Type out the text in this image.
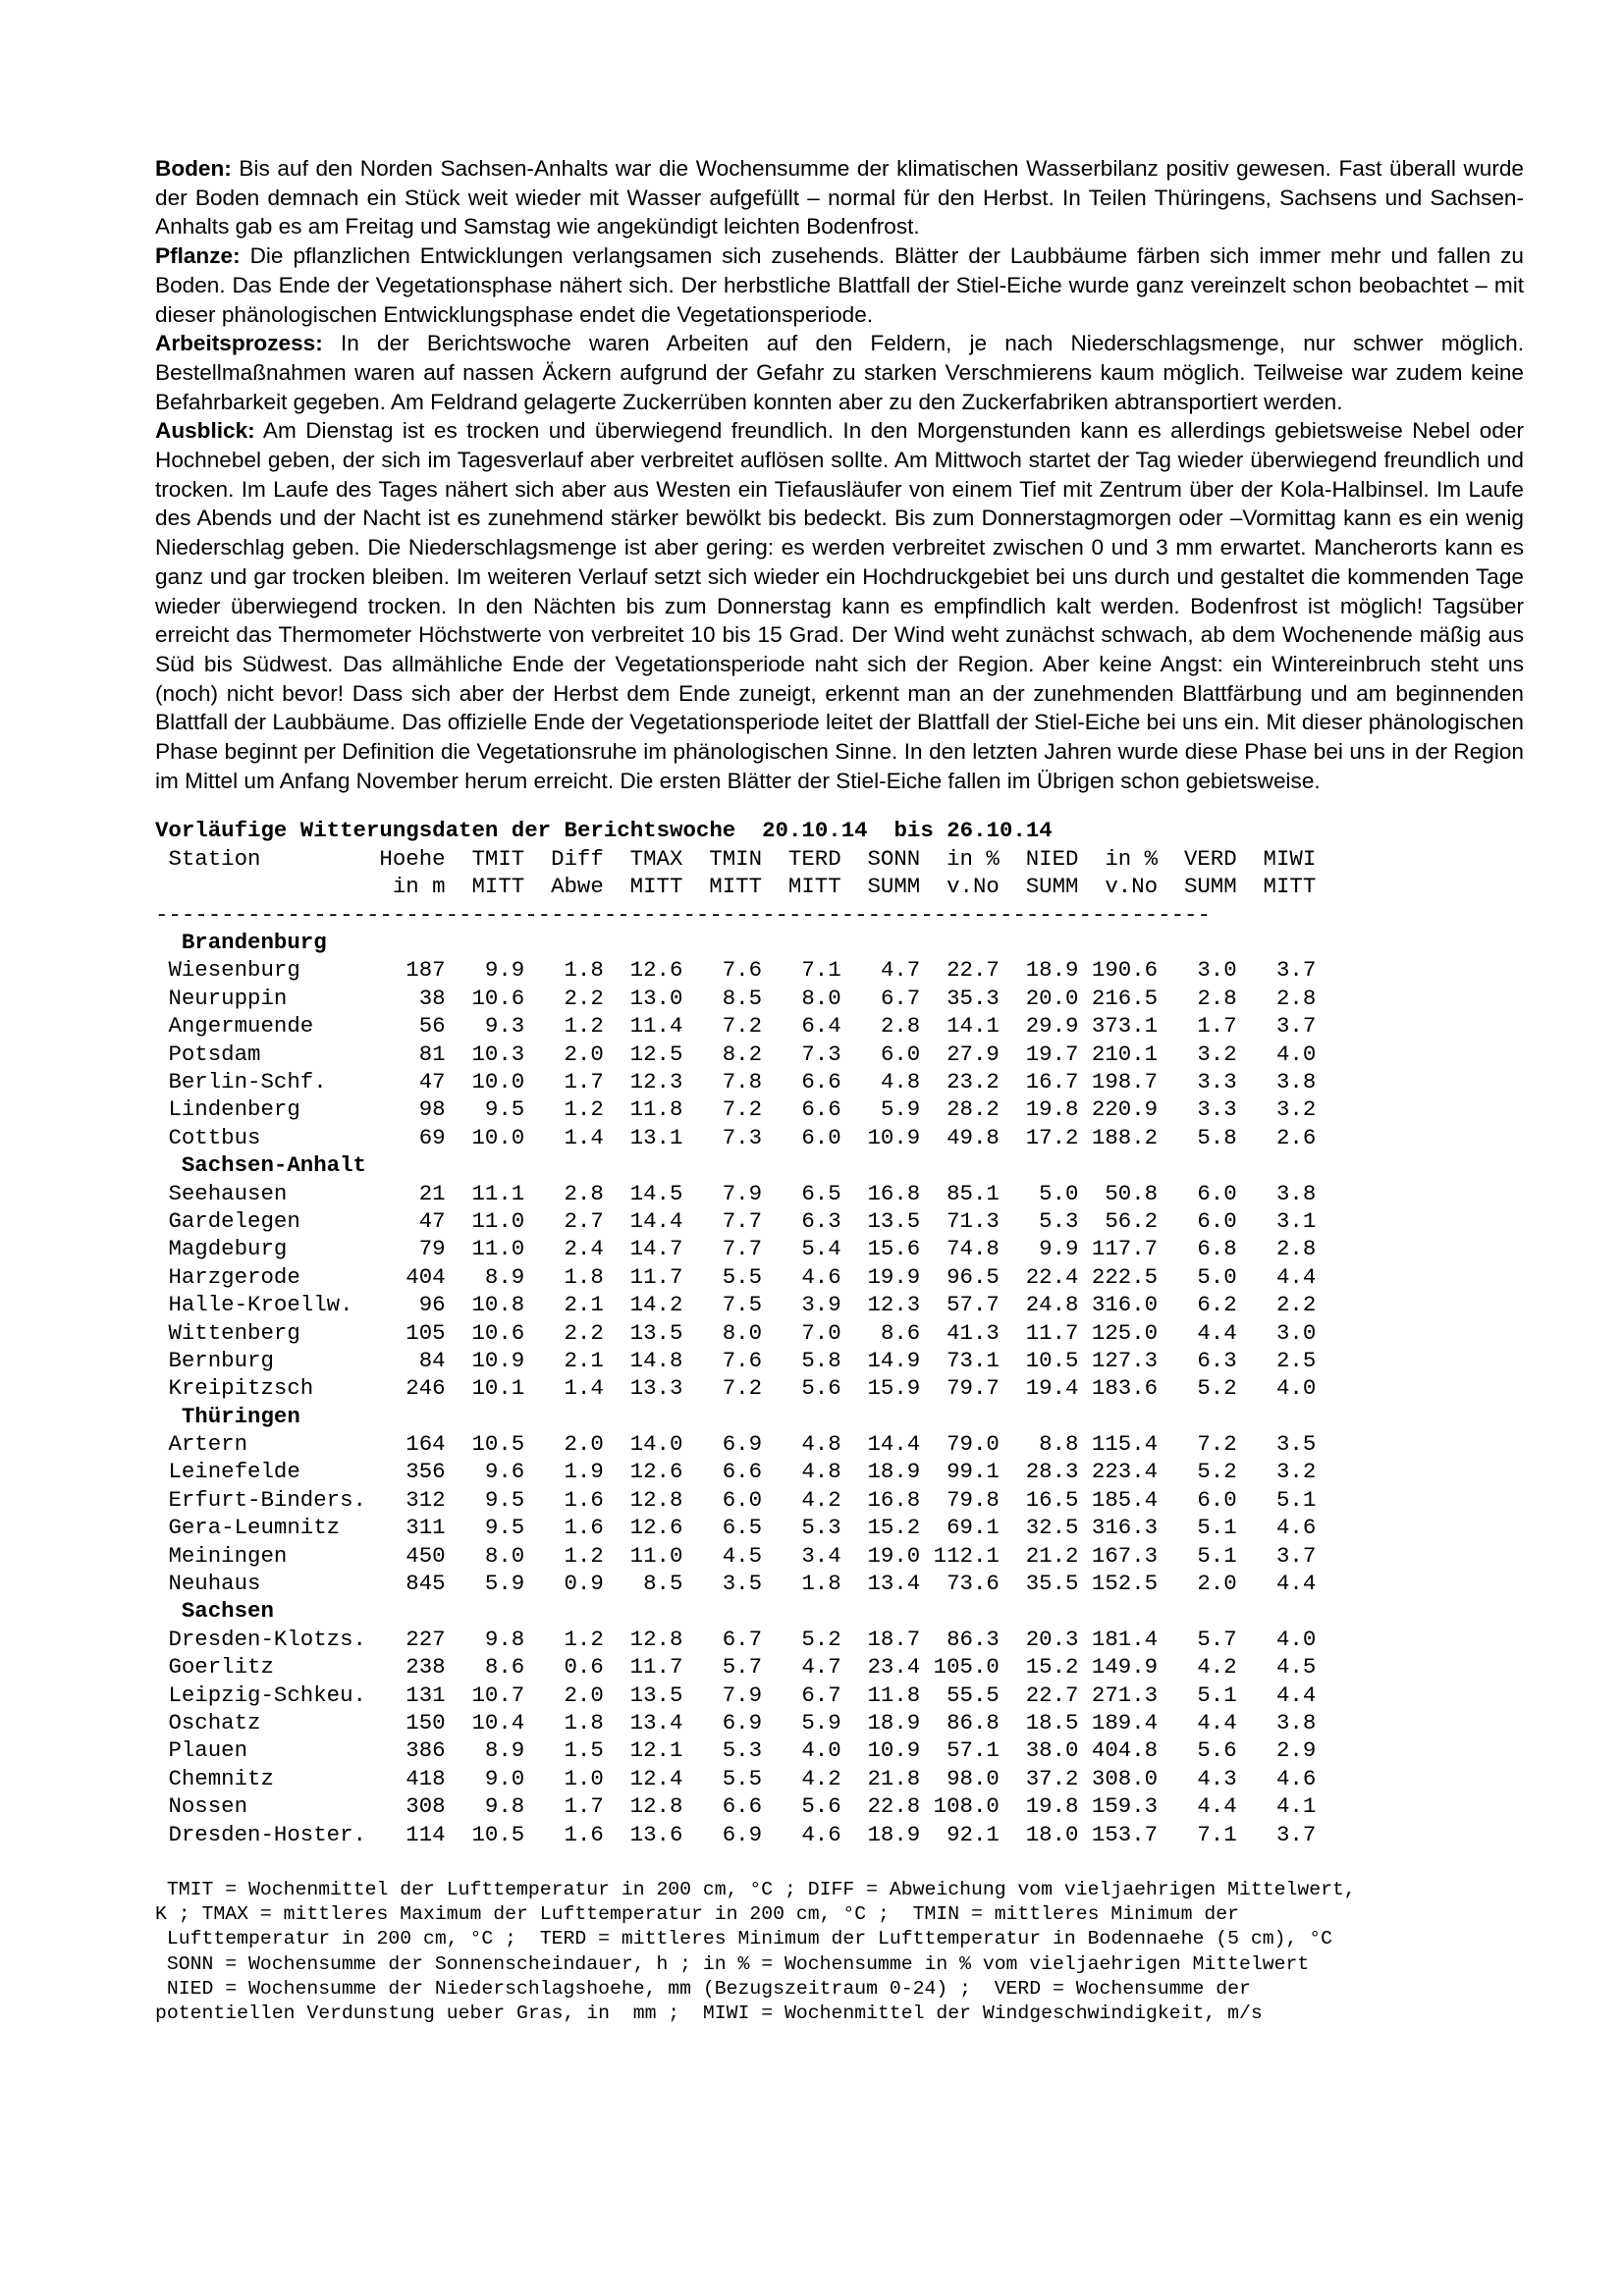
Boden: Bis auf den Norden Sachsen-Anhalts war die Wochensumme der klimatischen Wasserbilanz positiv gewesen. Fast überall wurde der Boden demnach ein Stück weit wieder mit Wasser aufgefüllt – normal für den Herbst. In Teilen Thüringens, Sachsens und Sachsen-Anhalts gab es am Freitag und Samstag wie angekündigt leichten Bodenfrost.

Pflanze: Die pflanzlichen Entwicklungen verlangsamen sich zusehends. Blätter der Laubbäume färben sich immer mehr und fallen zu Boden. Das Ende der Vegetationsphase nähert sich. Der herbstliche Blattfall der Stiel-Eiche wurde ganz vereinzelt schon beobachtet – mit dieser phänologischen Entwicklungsphase endet die Vegetationsperiode.

Arbeitsprozess: In der Berichtswoche waren Arbeiten auf den Feldern, je nach Niederschlagsmenge, nur schwer möglich. Bestellmaßnahmen waren auf nassen Äckern aufgrund der Gefahr zu starken Verschmierens kaum möglich. Teilweise war zudem keine Befahrbarkeit gegeben. Am Feldrand gelagerte Zuckerrüben konnten aber zu den Zuckerfabriken abtransportiert werden.

Ausblick: Am Dienstag ist es trocken und überwiegend freundlich. In den Morgenstunden kann es allerdings gebietsweise Nebel oder Hochnebel geben, der sich im Tagesverlauf aber verbreitet auflösen sollte. Am Mittwoch startet der Tag wieder überwiegend freundlich und trocken. Im Laufe des Tages nähert sich aber aus Westen ein Tiefausläufer von einem Tief mit Zentrum über der Kola-Halbinsel. Im Laufe des Abends und der Nacht ist es zunehmend stärker bewölkt bis bedeckt. Bis zum Donnerstagmorgen oder –Vormittag kann es ein wenig Niederschlag geben. Die Niederschlagsmenge ist aber gering: es werden verbreitet zwischen 0 und 3 mm erwartet. Mancherorts kann es ganz und gar trocken bleiben. Im weiteren Verlauf setzt sich wieder ein Hochdruckgebiet bei uns durch und gestaltet die kommenden Tage wieder überwiegend trocken. In den Nächten bis zum Donnerstag kann es empfindlich kalt werden. Bodenfrost ist möglich! Tagsüber erreicht das Thermometer Höchstwerte von verbreitet 10 bis 15 Grad. Der Wind weht zunächst schwach, ab dem Wochenende mäßig aus Süd bis Südwest. Das allmähliche Ende der Vegetationsperiode naht sich der Region. Aber keine Angst: ein Wintereinbruch steht uns (noch) nicht bevor! Dass sich aber der Herbst dem Ende zuneigt, erkennt man an der zunehmenden Blattfärbung und am beginnenden Blattfall der Laubbäume. Das offizielle Ende der Vegetationsperiode leitet der Blattfall der Stiel-Eiche bei uns ein. Mit dieser phänologischen Phase beginnt per Definition die Vegetationsruhe im phänologischen Sinne. In den letzten Jahren wurde diese Phase bei uns in der Region im Mittel um Anfang November herum erreicht. Die ersten Blätter der Stiel-Eiche fallen im Übrigen schon gebietsweise.

Vorläufige Witterungsdaten der Berichtswoche  20.10.14  bis 26.10.14
Station	Hoehe TMIT Diff TMAX TMIN TERD SONN in % NIED in % VERD MIWI
in m MITT Abwe MITT MITT MITT SUMM v.No SUMM v.No SUMM MITT
--------------------------------------------------------------------------------
Brandenburg
Wiesenburg	187 9.9 1.8 12.6 7.6 7.1 4.7 22.7 18.9 190.6 3.0 3.7
Neuruppin	38 10.6 2.2 13.0 8.5 8.0 6.7 35.3 20.0 216.5 2.8 2.8
Angermuende	56 9.3 1.2 11.4 7.2 6.4 2.8 14.1 29.9 373.1 1.7 3.7
Potsdam	81 10.3 2.0 12.5 8.2 7.3 6.0 27.9 19.7 210.1 3.2 4.0
Berlin-Schf.	47 10.0 1.7 12.3 7.8 6.6 4.8 23.2 16.7 198.7 3.3 3.8
Lindenberg	98 9.5 1.2 11.8 7.2 6.6 5.9 28.2 19.8 220.9 3.3 3.2
Cottbus	69 10.0 1.4 13.1 7.3 6.0 10.9 49.8 17.2 188.2 5.8 2.6
Sachsen-Anhalt
Seehausen	21 11.1 2.8 14.5 7.9 6.5 16.8 85.1 5.0 50.8 6.0 3.8
Gardelegen	47 11.0 2.7 14.4 7.7 6.3 13.5 71.3 5.3 56.2 6.0 3.1
Magdeburg	79 11.0 2.4 14.7 7.7 5.4 15.6 74.8 9.9 117.7 6.8 2.8
Harzgerode	404 8.9 1.8 11.7 5.5 4.6 19.9 96.5 22.4 222.5 5.0 4.4
Halle-Kroellw.	96 10.8 2.1 14.2 7.5 3.9 12.3 57.7 24.8 316.0 6.2 2.2
Wittenberg	105 10.6 2.2 13.5 8.0 7.0 8.6 41.3 11.7 125.0 4.4 3.0
Bernburg	84 10.9 2.1 14.8 7.6 5.8 14.9 73.1 10.5 127.3 6.3 2.5
Kreipitzsch	246 10.1 1.4 13.3 7.2 5.6 15.9 79.7 19.4 183.6 5.2 4.0
Thüringen
Artern	164 10.5 2.0 14.0 6.9 4.8 14.4 79.0 8.8 115.4 7.2 3.5
Leinefelde	356 9.6 1.9 12.6 6.6 4.8 18.9 99.1 28.3 223.4 5.2 3.2
Erfurt-Binders. 312 9.5 1.6 12.8 6.0 4.2 16.8 79.8 16.5 185.4 6.0 5.1
Gera-Leumnitz	311 9.5 1.6 12.6 6.5 5.3 15.2 69.1 32.5 316.3 5.1 4.6
Meiningen	450 8.0 1.2 11.0 4.5 3.4 19.0 112.1 21.2 167.3 5.1 3.7
Neuhaus	845 5.9 0.9 8.5 3.5 1.8 13.4 73.6 35.5 152.5 2.0 4.4
Sachsen
Dresden-Klotzs. 227 9.8 1.2 12.8 6.7 5.2 18.7 86.3 20.3 181.4 5.7 4.0
Goerlitz	238 8.6 0.6 11.7 5.7 4.7 23.4 105.0 15.2 149.9 4.2 4.5
Leipzig-Schkeu. 131 10.7 2.0 13.5 7.9 6.7 11.8 55.5 22.7 271.3 5.1 4.4
Oschatz	150 10.4 1.8 13.4 6.9 5.9 18.9 86.8 18.5 189.4 4.4 3.8
Plauen	386 8.9 1.5 12.1 5.3 4.0 10.9 57.1 38.0 404.8 5.6 2.9
Chemnitz	418 9.0 1.0 12.4 5.5 4.2 21.8 98.0 37.2 308.0 4.3 4.6
Nossen	308 9.8 1.7 12.8 6.6 5.6 22.8 108.0 19.8 159.3 4.4 4.1
Dresden-Hoster. 114 10.5 1.6 13.6 6.9 4.6 18.9 92.1 18.0 153.7 7.1 3.7
TMIT = Wochenmittel der Lufttemperatur in 200 cm, °C ; DIFF = Abweichung vom vieljaehrigen Mittelwert,
K ; TMAX = mittleres Maximum der Lufttemperatur in 200 cm, °C ;  TMIN = mittleres Minimum der
Lufttemperatur in 200 cm, °C ;  TERD = mittleres Minimum der Lufttemperatur in Bodennaehe (5 cm), °C
SONN = Wochensumme der Sonnenscheindauer, h ; in % = Wochensumme in % vom vieljaehrigen Mittelwert
NIED = Wochensumme der Niederschlagshoehe, mm (Bezugszeitraum 0-24) ;  VERD = Wochensumme der
potentiellen Verdunstung ueber Gras, in  mm ;  MIWI = Wochenmittel der Windgeschwindigkeit, m/s
